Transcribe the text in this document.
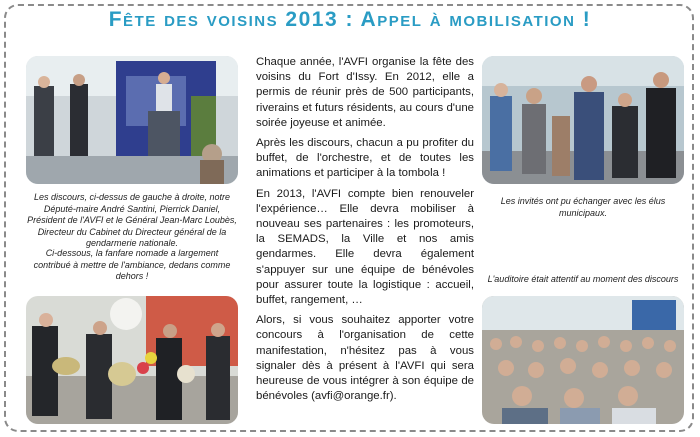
Fête des voisins 2013 : Appel à mobilisation !
Les discours, ci-dessus de gauche à droite, notre Député-maire André Santini, Pierrick Daniel, Président de l'AVFI et le Général Jean-Marc Loubès, Directeur du Cabinet du Directeur général de la gendarmerie nationale.
Ci-dessous, la fanfare nomade a largement contribué à mettre de l'ambiance, dedans comme dehors !

Chaque année, l'AVFI organise la fête des voisins du Fort d'Issy. En 2012, elle a permis de réunir près de 500 participants, riverains et futurs résidents, au cours d'une soirée joyeuse et animée.

Après les discours, chacun a pu profiter du buffet, de l'orchestre, et de toutes les animations et participer à la tombola !

En 2013, l'AVFI compte bien renouveler l'expérience… Elle devra mobiliser à nouveau ses partenaires : les promoteurs, la SEMADS, la Ville et nos amis gendarmes. Elle devra également s'appuyer sur une équipe de bénévoles pour assurer toute la logistique : accueil, buffet, rangement, …

Alors, si vous souhaitez apporter votre concours à l'organisation de cette manifestation, n'hésitez pas à vous signaler dès à présent à l'AVFI qui sera heureuse de vous intégrer à son équipe de bénévoles (avfi@orange.fr).

Les invités ont pu échanger avec les élus municipaux.
L'auditoire était attentif au moment des discours
